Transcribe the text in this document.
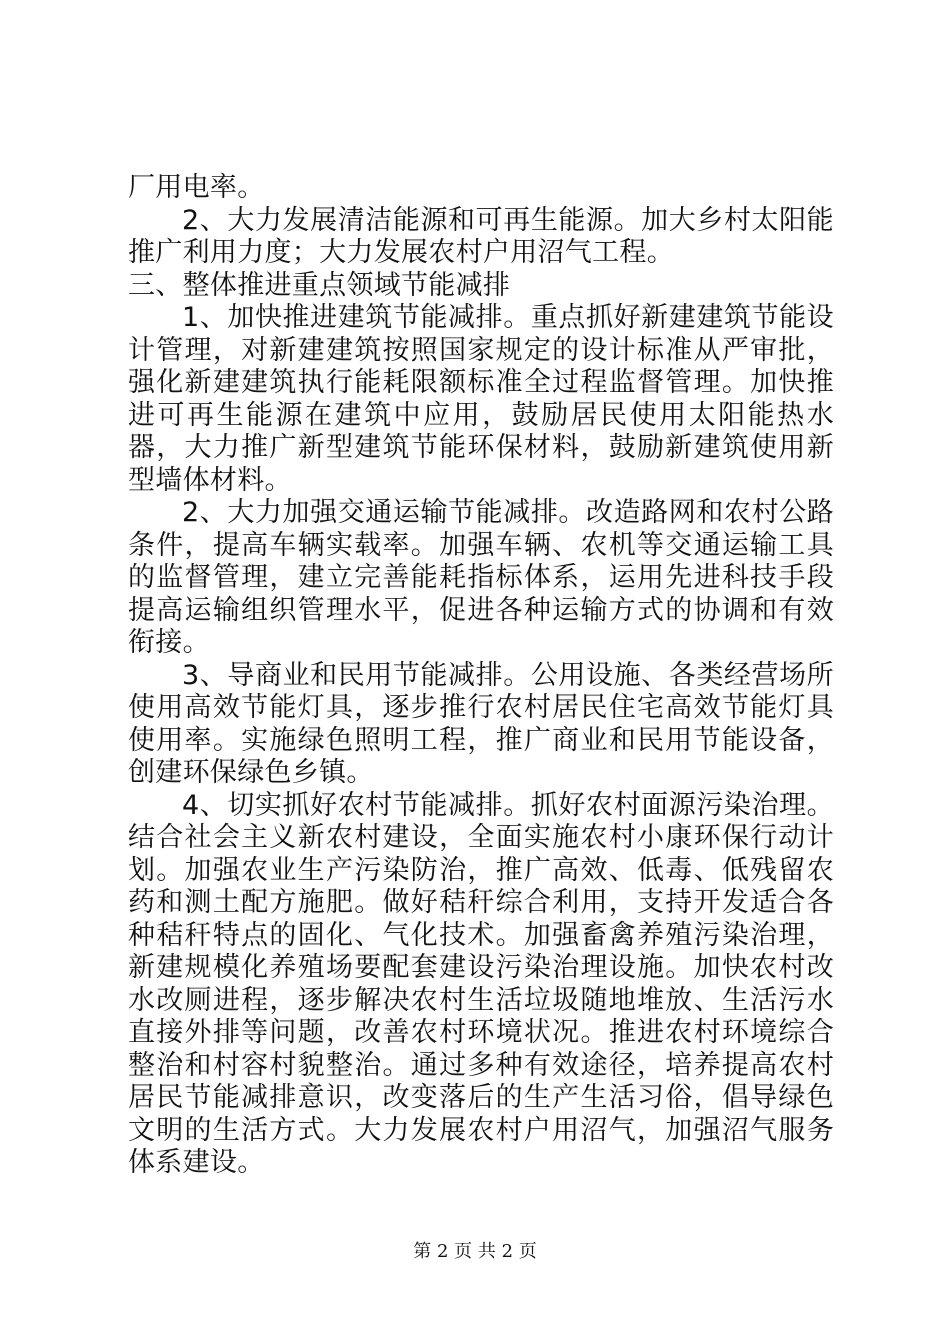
厂用电率。

2、大力发展清洁能源和可再生能源。加大乡村太阳能推广利用力度；大力发展农村户用沼气工程。

三、整体推进重点领域节能减排

1、加快推进建筑节能减排。重点抓好新建建筑节能设计管理，对新建建筑按照国家规定的设计标准从严审批，强化新建建筑执行能耗限额标准全过程监督管理。加快推进可再生能源在建筑中应用，鼓励居民使用太阳能热水器，大力推广新型建筑节能环保材料，鼓励新建筑使用新型墙体材料。

2、大力加强交通运输节能减排。改造路网和农村公路条件，提高车辆实载率。加强车辆、农机等交通运输工具的监督管理，建立完善能耗指标体系，运用先进科技手段提高运输组织管理水平，促进各种运输方式的协调和有效衔接。

3、导商业和民用节能减排。公用设施、各类经营场所使用高效节能灯具，逐步推行农村居民住宅高效节能灯具使用率。实施绿色照明工程，推广商业和民用节能设备，创建环保绿色乡镇。

4、切实抓好农村节能减排。抓好农村面源污染治理。结合社会主义新农村建设，全面实施农村小康环保行动计划。加强农业生产污染防治，推广高效、低毒、低残留农药和测土配方施肥。做好秸秆综合利用，支持开发适合各种秸秆特点的固化、气化技术。加强畜禽养殖污染治理，新建规模化养殖场要配套建设污染治理设施。加快农村改水改厕进程，逐步解决农村生活垃圾随地堆放、生活污水直接外排等问题，改善农村环境状况。推进农村环境综合整治和村容村貌整治。通过多种有效途径，培养提高农村居民节能减排意识，改变落后的生产生活习俗，倡导绿色文明的生活方式。大力发展农村户用沼气，加强沼气服务体系建设。

第 2 页 共 2 页
